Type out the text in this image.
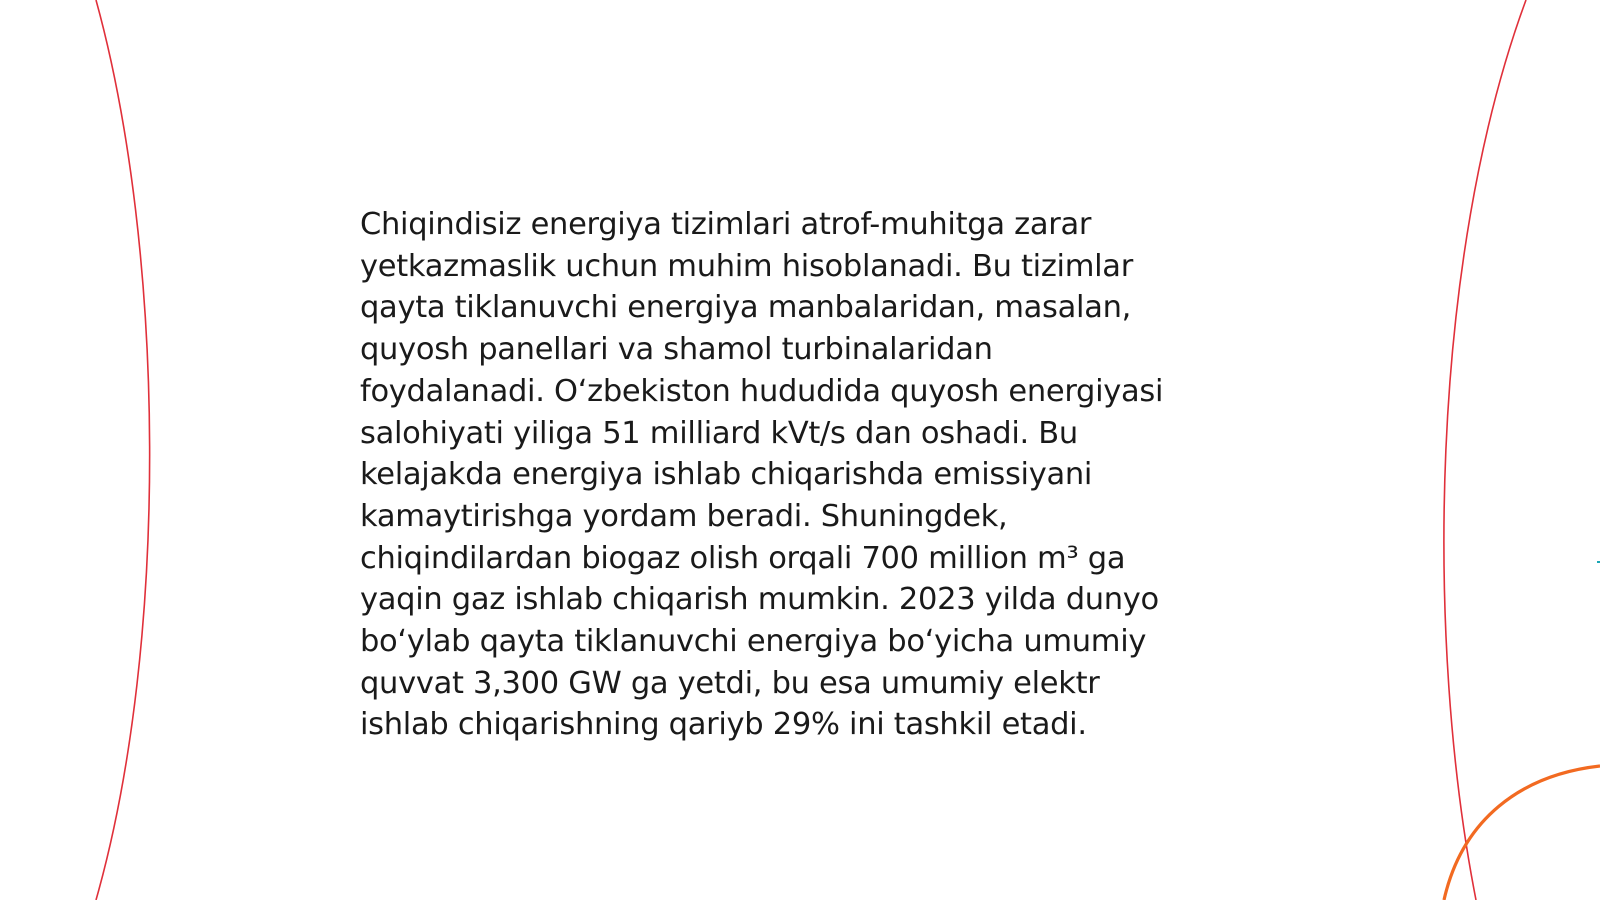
Chiqindisiz energiya tizimlari atrof-muhitga zarar
yetkazmaslik uchun muhim hisoblanadi. Bu tizimlar
qayta tiklanuvchi energiya manbalaridan, masalan,
quyosh panellari va shamol turbinalaridan
foydalanadi. O‘zbekiston hududida quyosh energiyasi
salohiyati yiliga 51 milliard kVt/s dan oshadi. Bu
kelajakda energiya ishlab chiqarishda emissiyani
kamaytirishga yordam beradi. Shuningdek,
chiqindilardan biogaz olish orqali 700 million m³ ga
yaqin gaz ishlab chiqarish mumkin. 2023 yilda dunyo
bo‘ylab qayta tiklanuvchi energiya bo‘yicha umumiy
quvvat 3,300 GW ga yetdi, bu esa umumiy elektr
ishlab chiqarishning qariyb 29% ini tashkil etadi.
